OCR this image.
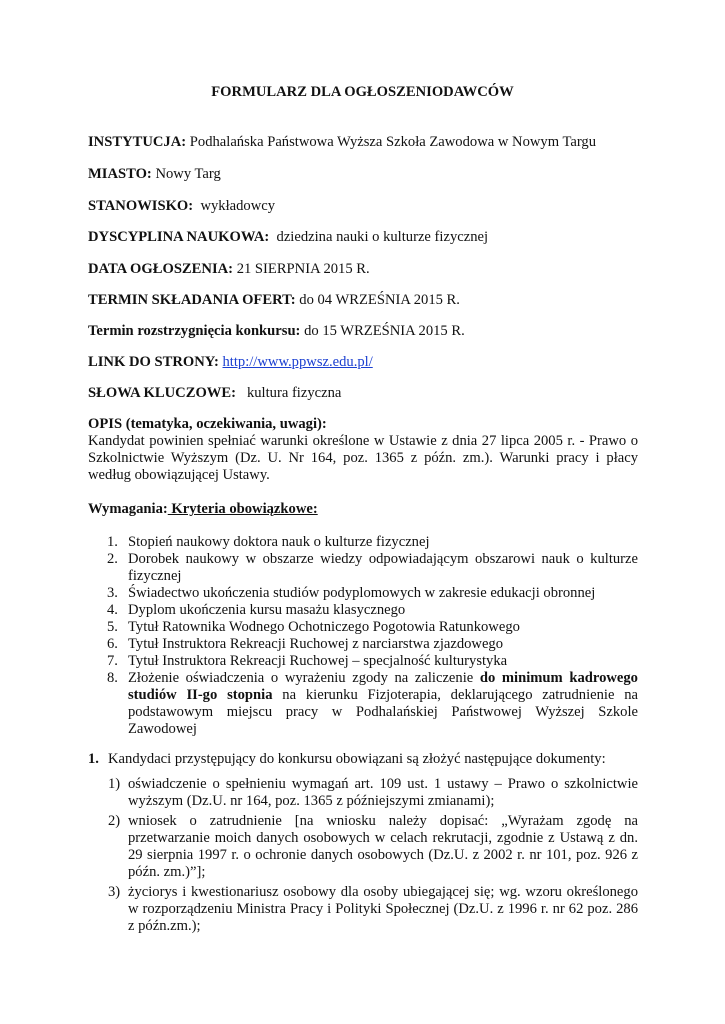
FORMULARZ DLA OGŁOSZENIODAWCÓW
INSTYTUCJA: Podhalańska Państwowa Wyższa Szkoła Zawodowa w Nowym Targu
MIASTO: Nowy Targ
STANOWISKO: wykładowcy
DYSCYPLINA NAUKOWA: dziedzina nauki o kulturze fizycznej
DATA OGŁOSZENIA: 21 SIERPNIA 2015 R.
TERMIN SKŁADANIA OFERT: do 04 WRZEŚNIA 2015 R.
Termin rozstrzygnięcia konkursu: do 15 WRZEŚNIA 2015 R.
LINK DO STRONY: http://www.ppwsz.edu.pl/
SŁOWA KLUCZOWE: kultura fizyczna
OPIS (tematyka, oczekiwania, uwagi):
Kandydat powinien spełniać warunki określone w Ustawie z dnia 27 lipca 2005 r. - Prawo o Szkolnictwie Wyższym (Dz. U. Nr 164, poz. 1365 z późn. zm.). Warunki pracy i płacy według obowiązującej Ustawy.
Wymagania: Kryteria obowiązkowe:
1. Stopień naukowy doktora nauk o kulturze fizycznej
2. Dorobek naukowy w obszarze wiedzy odpowiadającym obszarowi nauk o kulturze fizycznej
3. Świadectwo ukończenia studiów podyplomowych w zakresie edukacji obronnej
4. Dyplom ukończenia kursu masażu klasycznego
5. Tytuł Ratownika Wodnego Ochotniczego Pogotowia Ratunkowego
6. Tytuł Instruktora Rekreacji Ruchowej z narciarstwa zjazdowego
7. Tytuł Instruktora Rekreacji Ruchowej – specjalność kulturystyka
8. Złożenie oświadczenia o wyrażeniu zgody na zaliczenie do minimum kadrowego studiów II-go stopnia na kierunku Fizjoterapia, deklarującego zatrudnienie na podstawowym miejscu pracy w Podhalańskiej Państwowej Wyższej Szkole Zawodowej
1. Kandydaci przystępujący do konkursu obowiązani są złożyć następujące dokumenty:
1) oświadczenie o spełnieniu wymagań art. 109 ust. 1 ustawy – Prawo o szkolnictwie wyższym (Dz.U. nr 164, poz. 1365 z późniejszymi zmianami);
2) wniosek o zatrudnienie [na wniosku należy dopisać: „Wyrażam zgodę na przetwarzanie moich danych osobowych w celach rekrutacji, zgodnie z Ustawą z dn. 29 sierpnia 1997 r. o ochronie danych osobowych (Dz.U. z 2002 r. nr 101, poz. 926 z późn. zm.)”];
3) życiorys i kwestionariusz osobowy dla osoby ubiegającej się; wg. wzoru określonego w rozporządzeniu Ministra Pracy i Polityki Społecznej (Dz.U. z 1996 r. nr 62 poz. 286 z późn.zm.);
